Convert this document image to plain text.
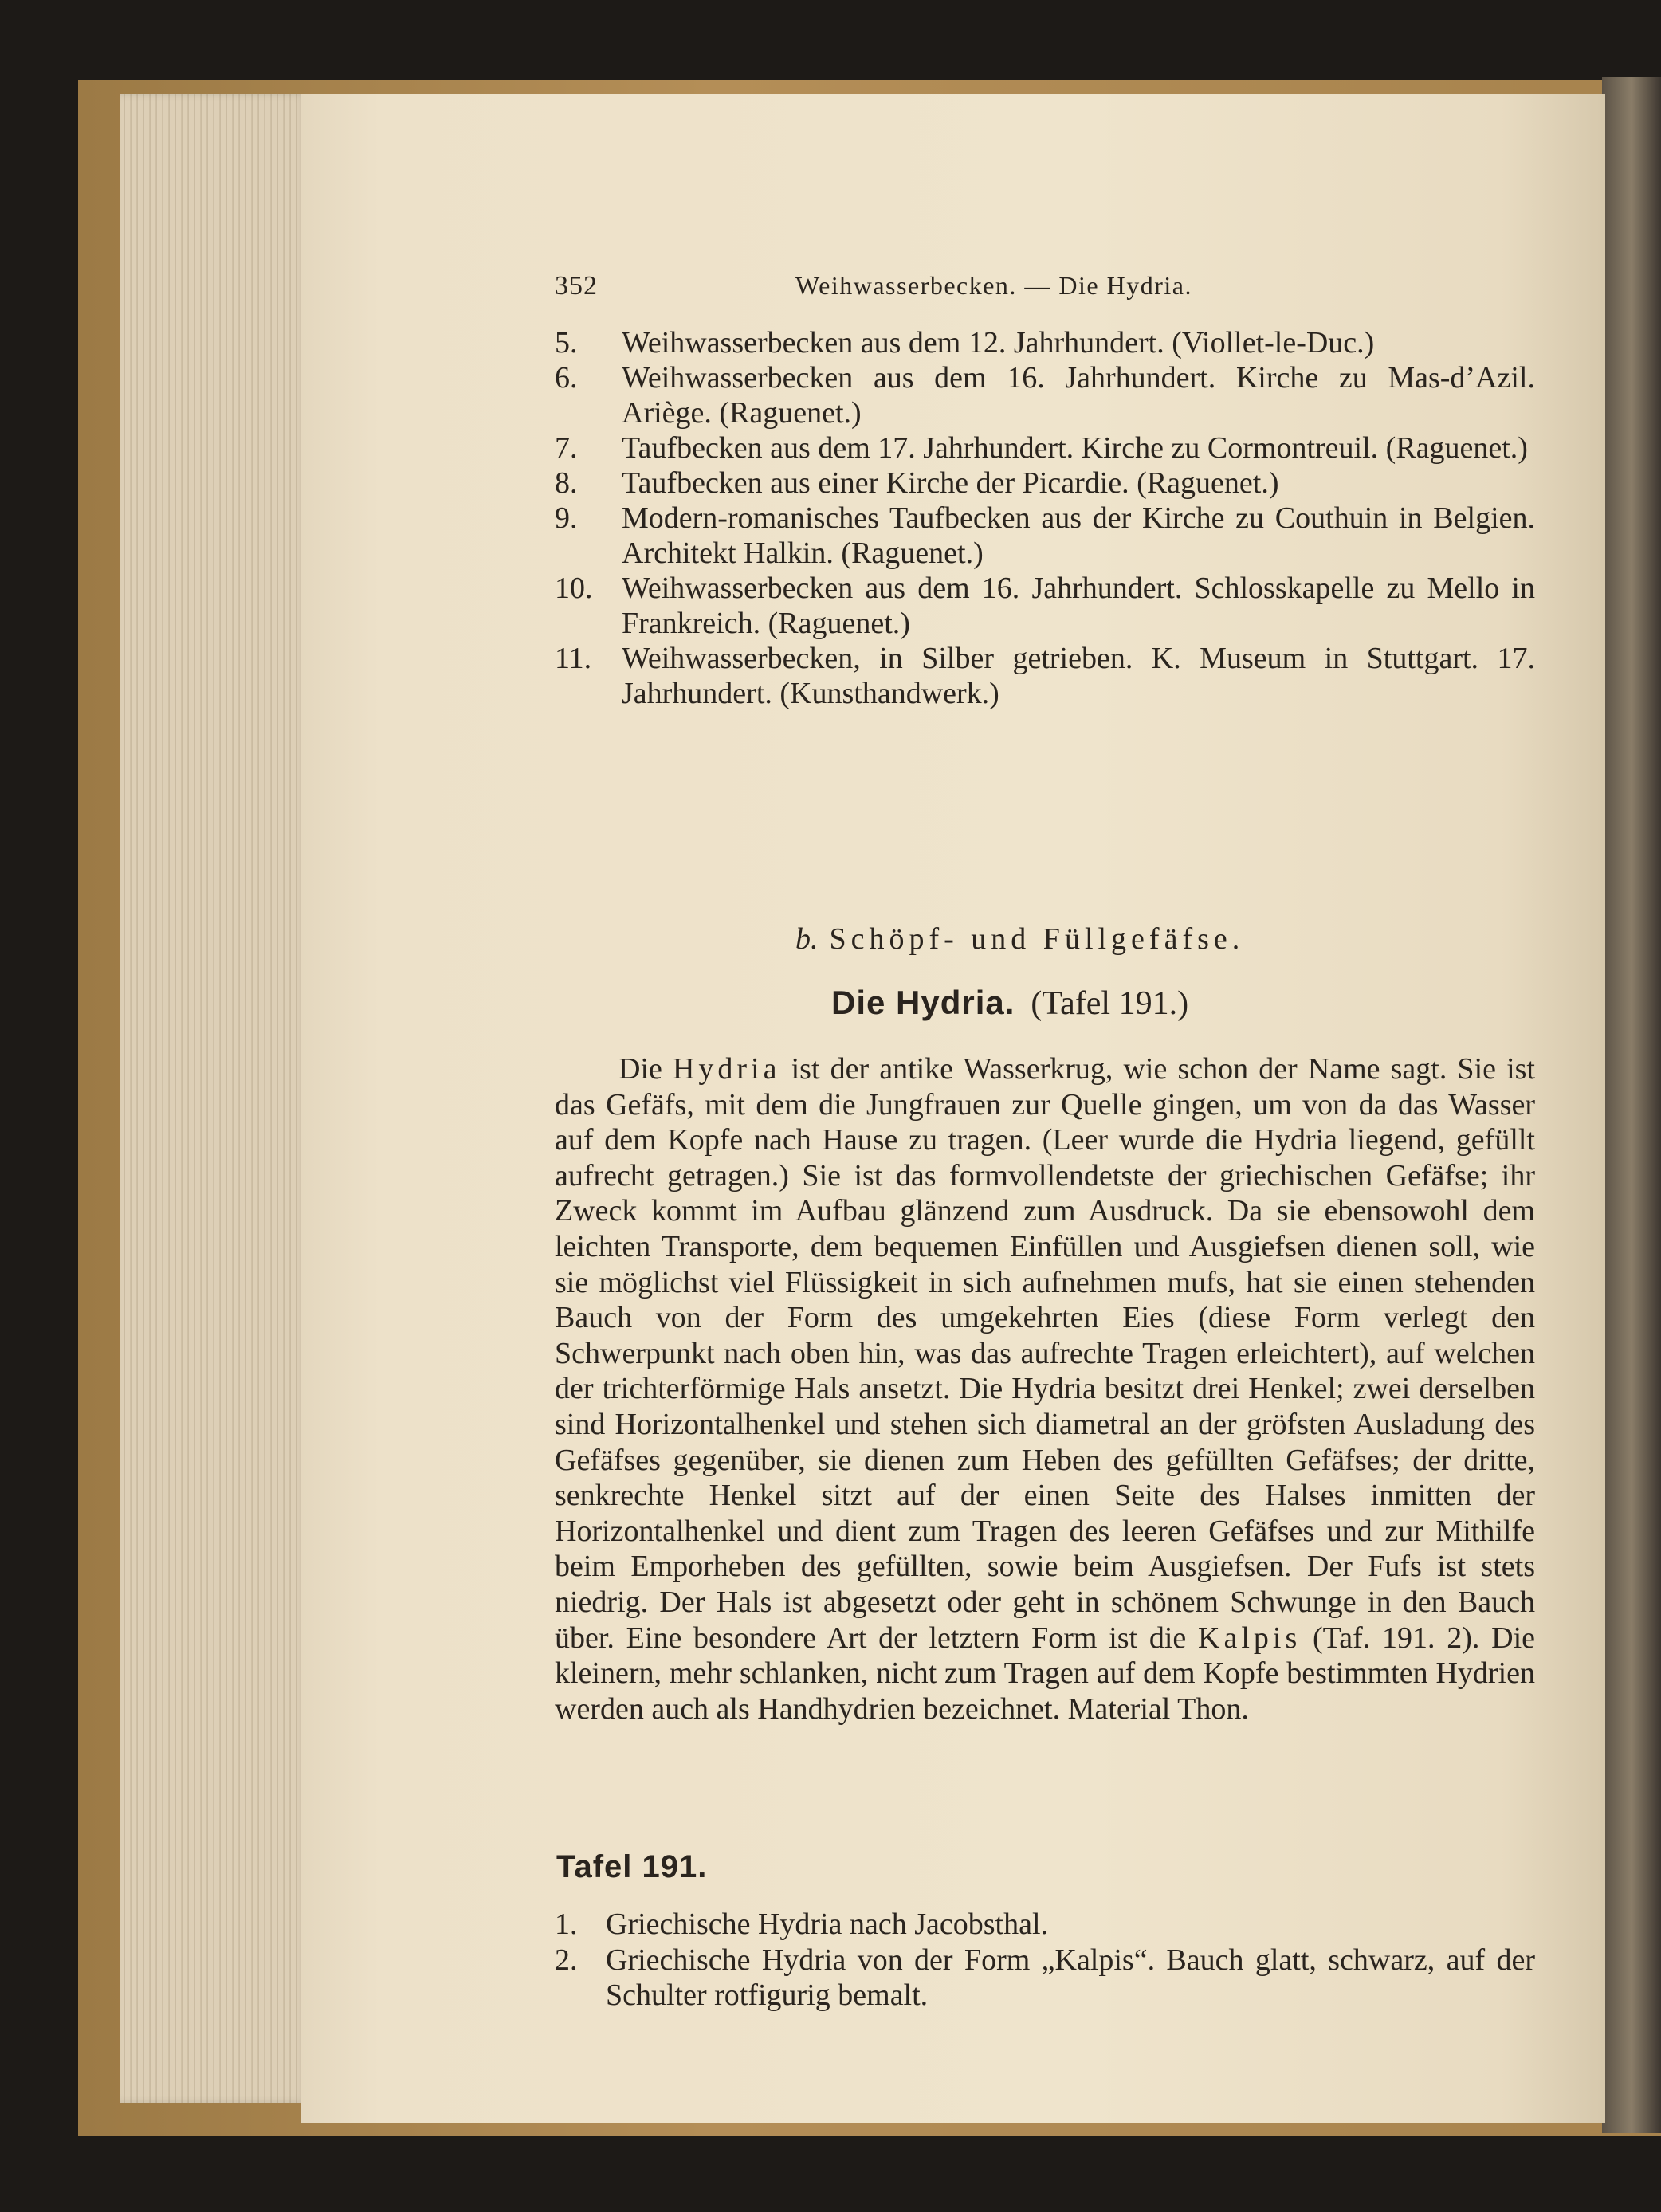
352	Weihwasserbecken. — Die Hydria.
5.	Weihwasserbecken aus dem 12. Jahrhundert. (Viollet-le-Duc.)
6.	Weihwasserbecken aus dem 16. Jahrhundert. Kirche zu Mas-d’Azil. Ariège. (Raguenet.)
7.	Taufbecken aus dem 17. Jahrhundert. Kirche zu Cormontreuil. (Raguenet.)
8.	Taufbecken aus einer Kirche der Picardie. (Raguenet.)
9.	Modern-romanisches Taufbecken aus der Kirche zu Couthuin in Belgien. Architekt Halkin. (Raguenet.)
10. Weihwasserbecken aus dem 16. Jahrhundert. Schlosskapelle zu Mello in Frankreich. (Raguenet.)
11. Weihwasserbecken, in Silber getrieben. K. Museum in Stuttgart. 17. Jahrhundert. (Kunsthandwerk.)
b. Schöpf- und Füllgefäfse.
Die Hydria. (Tafel 191.)

Die Hydria ist der antike Wasserkrug, wie schon der Name sagt. Sie ist das Gefäfs, mit dem die Jungfrauen zur Quelle gingen, um von da das Wasser auf dem Kopfe nach Hause zu tragen. (Leer wurde die Hydria liegend, gefüllt aufrecht getragen.) Sie ist das formvollendetste der griechischen Gefäfse; ihr Zweck kommt im Aufbau glänzend zum Ausdruck. Da sie ebensowohl dem leichten Transporte, dem bequemen Einfüllen und Ausgiefsen dienen soll, wie sie möglichst viel Flüssigkeit in sich aufnehmen mufs, hat sie einen stehenden Bauch von der Form des umgekehrten Eies (diese Form verlegt den Schwerpunkt nach oben hin, was das aufrechte Tragen erleichtert), auf welchen der trichterförmige Hals ansetzt. Die Hydria besitzt drei Henkel; zwei derselben sind Horizontalhenkel und stehen sich diametral an der gröfsten Ausladung des Gefäfses gegenüber, sie dienen zum Heben des gefüllten Gefäfses; der dritte, senkrechte Henkel sitzt auf der einen Seite des Halses inmitten der Horizontalhenkel und dient zum Tragen des leeren Gefäfses und zur Mithilfe beim Emporheben des gefüllten, sowie beim Ausgiefsen. Der Fufs ist stets niedrig. Der Hals ist abgesetzt oder geht in schönem Schwunge in den Bauch über. Eine besondere Art der letztern Form ist die Kalpis (Taf. 191. 2). Die kleinern, mehr schlanken, nicht zum Tragen auf dem Kopfe bestimmten Hydrien werden auch als Handhydrien bezeichnet. Material Thon.

Tafel 191.
1. Griechische Hydria nach Jacobsthal.
2. Griechische Hydria von der Form „Kalpis“. Bauch glatt, schwarz, auf der Schulter rotfigurig bemalt.
